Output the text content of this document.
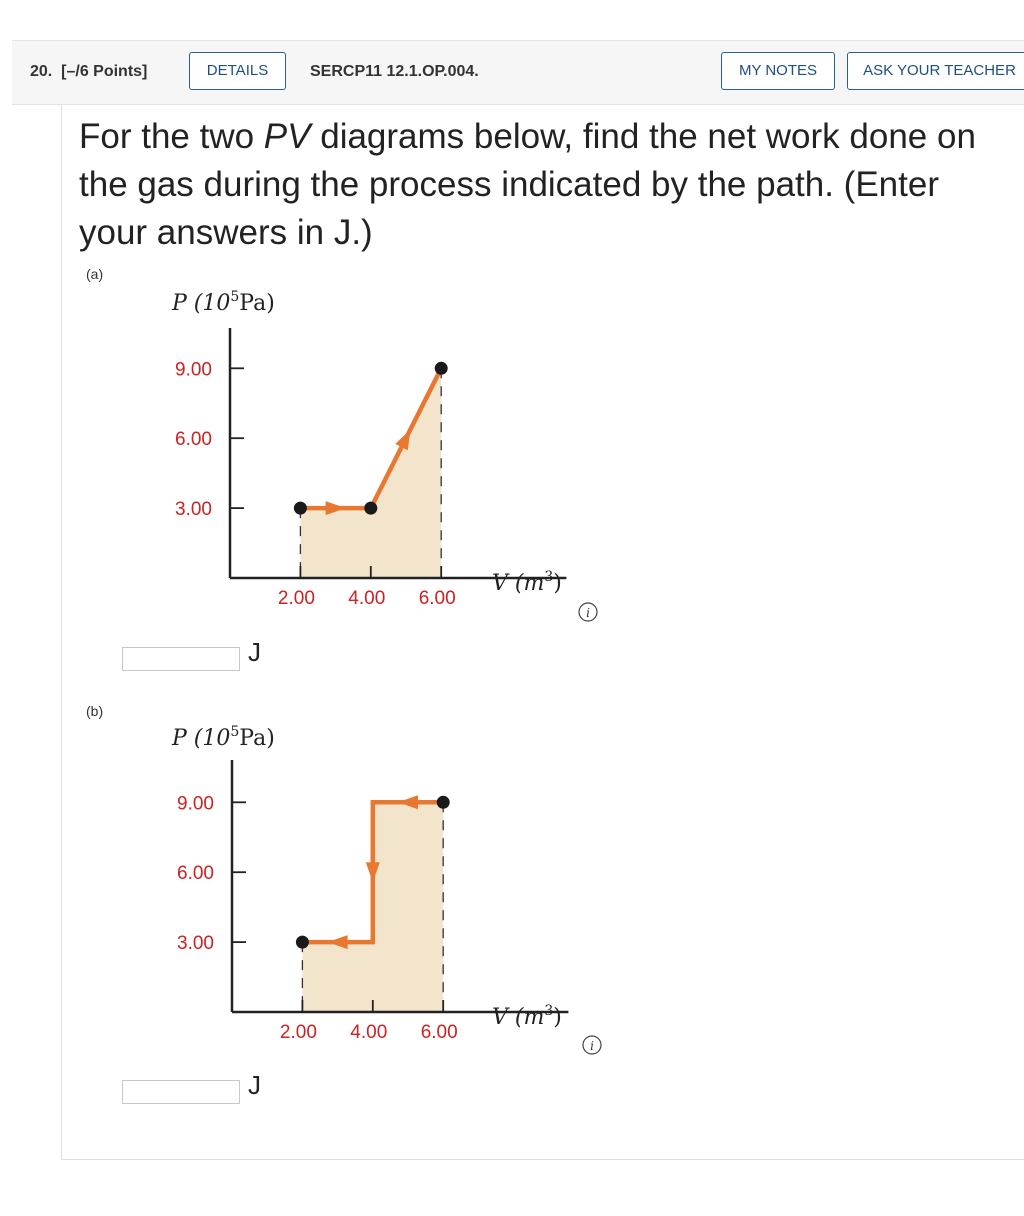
20. [–/6 Points]	DETAILS	SERCP11 12.1.OP.004.	MY NOTES	ASK YOUR TEACHER
For the two PV diagrams below, find the net work done on the gas during the process indicated by the path. (Enter your answers in J.)
(a)
9.00
6.00
3.00
2.00 4.00 6.00
P $(10^5Pa)$
V $(m^3)$
i
J
(b)
9.00
6.00
3.00
2.00 4.00 6.00
P $(10^5Pa)$
V $(m^3)$
i
J
